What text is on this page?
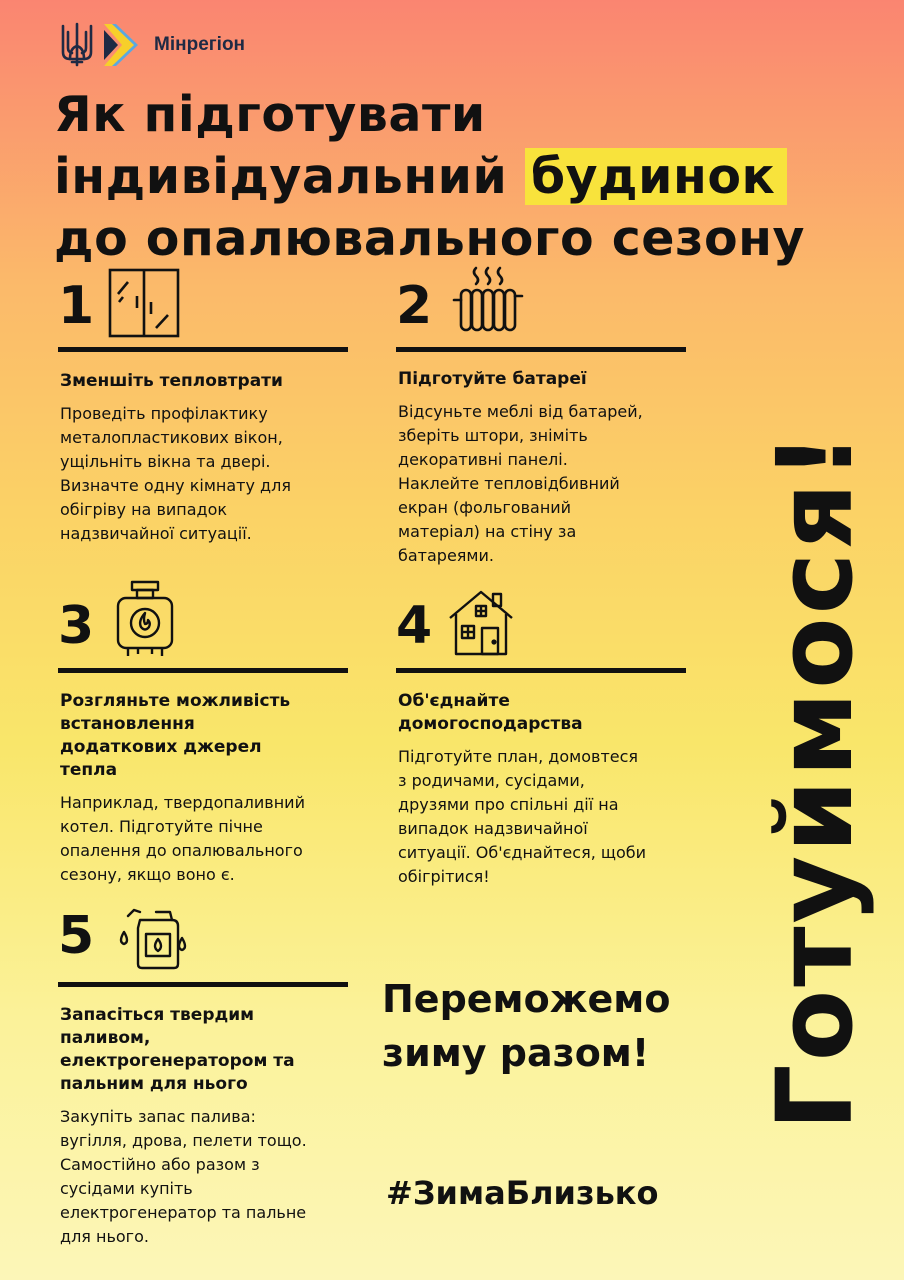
Мінрегіон
Як підготувати
індивідуальний будинок
до опалювального сезону
1
Зменшіть тепловтрати

Проведіть профілактику
металопластикових вікон,
ущільніть вікна та двері.
Визначте одну кімнату для
обігріву на випадок
надзвичайної ситуації.

2
Підготуйте батареї

Відсуньте меблі від батарей,
зберіть штори, зніміть
декоративні панелі.
Наклейте тепловідбивний
екран (фольгований
матеріал) на стіну за
батареями.

3
Розгляньте можливість
встановлення
додаткових джерел
тепла

Наприклад, твердопаливний
котел. Підготуйте пічне
опалення до опалювального
сезону, якщо воно є.

4
Об'єднайте
домогосподарства

Підготуйте план, домовтеся
з родичами, сусідами,
друзями про спільні дії на
випадок надзвичайної
ситуації. Об'єднайтеся, щоби
обігрітися!

5
Запасіться твердим
паливом,
електрогенератором та
пальним для нього

Закупіть запас палива:
вугілля, дрова, пелети тощо.
Самостійно або разом з
сусідами купіть
електрогенератор та пальне
для нього.

Переможемо
зиму разом!
#ЗимаБлизько
Готуймося!
